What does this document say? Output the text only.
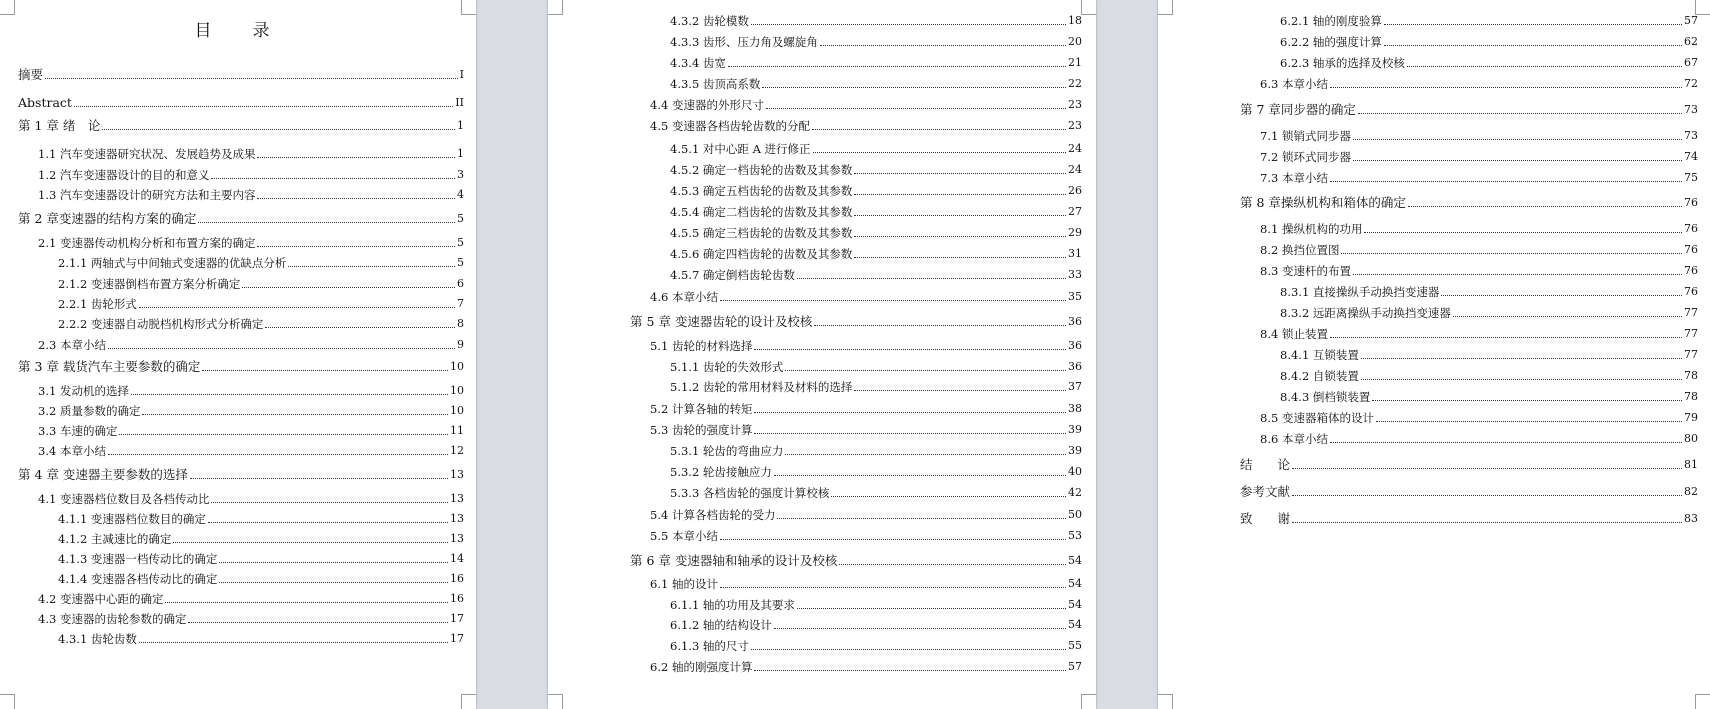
目　录
摘要	I
Abstract	II
第 1 章 绪　论	1
1.1 汽车变速器研究状况、发展趋势及成果	1
1.2 汽车变速器设计的目的和意义	3
1.3 汽车变速器设计的研究方法和主要内容	4
第 2 章变速器的结构方案的确定	5
2.1 变速器传动机构分析和布置方案的确定	5
2.1.1 两轴式与中间轴式变速器的优缺点分析	5
2.1.2 变速器倒档布置方案分析确定	6
2.2.1 齿轮形式	7
2.2.2 变速器自动脱档机构形式分析确定	8
2.3 本章小结	9
第 3 章 载货汽车主要参数的确定	10
3.1 发动机的选择	10
3.2 质量参数的确定	10
3.3 车速的确定	11
3.4 本章小结	12
第 4 章 变速器主要参数的选择	13
4.1 变速器档位数目及各档传动比	13
4.1.1 变速器档位数目的确定	13
4.1.2 主减速比的确定	13
4.1.3 变速器一档传动比的确定	14
4.1.4 变速器各档传动比的确定	16
4.2 变速器中心距的确定	16
4.3 变速器的齿轮参数的确定	17
4.3.1 齿轮齿数	17
4.3.2 齿轮模数	18
4.3.3 齿形、压力角及螺旋角	20
4.3.4 齿宽	21
4.3.5 齿顶高系数	22
4.4 变速器的外形尺寸	23
4.5 变速器各档齿轮齿数的分配	23
4.5.1 对中心距 A 进行修正	24
4.5.2 确定一档齿轮的齿数及其参数	24
4.5.3 确定五档齿轮的齿数及其参数	26
4.5.4 确定二档齿轮的齿数及其参数	27
4.5.5 确定三档齿轮的齿数及其参数	29
4.5.6 确定四档齿轮的齿数及其参数	31
4.5.7 确定倒档齿轮齿数	33
4.6 本章小结	35
第 5 章 变速器齿轮的设计及校核	36
5.1 齿轮的材料选择	36
5.1.1 齿轮的失效形式	36
5.1.2 齿轮的常用材料及材料的选择	37
5.2 计算各轴的转矩	38
5.3 齿轮的强度计算	39
5.3.1 轮齿的弯曲应力	39
5.3.2 轮齿接触应力	40
5.3.3 各档齿轮的强度计算校核	42
5.4 计算各档齿轮的受力	50
5.5 本章小结	53
第 6 章 变速器轴和轴承的设计及校核	54
6.1 轴的设计	54
6.1.1 轴的功用及其要求	54
6.1.2 轴的结构设计	54
6.1.3 轴的尺寸	55
6.2 轴的刚强度计算	57
6.2.1 轴的刚度验算	57
6.2.2 轴的强度计算	62
6.2.3 轴承的选择及校核	67
6.3 本章小结	72
第 7 章同步器的确定	73
7.1 锁销式同步器	73
7.2 锁环式同步器	74
7.3 本章小结	75
第 8 章操纵机构和箱体的确定	76
8.1 操纵机构的功用	76
8.2 换挡位置图	76
8.3 变速杆的布置	76
8.3.1 直接操纵手动换挡变速器	76
8.3.2 远距离操纵手动换挡变速器	77
8.4 锁止装置	77
8.4.1 互锁装置	77
8.4.2 自锁装置	78
8.4.3 倒档锁装置	78
8.5 变速器箱体的设计	79
8.6 本章小结	80
结　　论	81
参考文献	82
致　　谢	83
